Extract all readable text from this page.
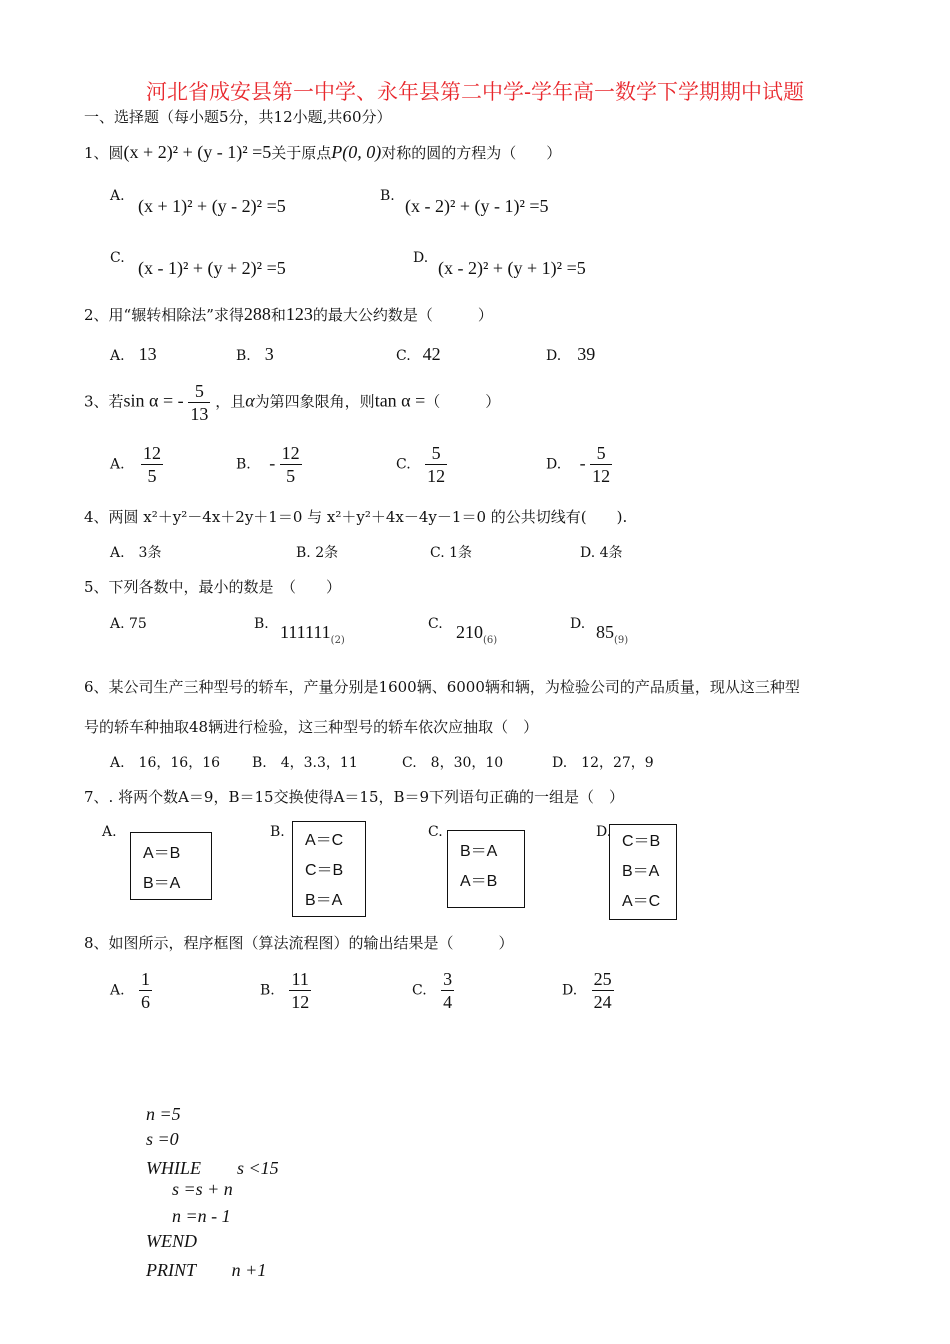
河北省成安县第一中学、永年县第二中学-学年高一数学下学期期中试题
一、选择题（每小题5分，共12小题,共60分）
1、圆(x + 2)² + (y - 1)² =5关于原点P(0, 0)对称的圆的方程为（　　）
A. (x + 1)² + (y - 2)² =5	B. (x - 2)² + (y - 1)² =5
C. (x - 1)² + (y + 2)² =5	D. (x - 2)² + (y + 1)² =5
2、用“辗转相除法”求得288和123的最大公约数是（　　　）
A. 13	B. 3	C. 42	D. 39
3、若sin α = - $\frac{5}{13}$ ，且α为第四象限角，则tan α =（　　　）
A. $\frac{12}{5}$	B. - $\frac{12}{5}$	C. $\frac{5}{12}$	D. - $\frac{5}{12}$
4、两圆 x²＋y²－4x＋2y＋1＝0 与 x²＋y²＋4x－4y－1＝0 的公共切线有(　　).
A.　3条	B. 2条	C. 1条	D. 4条
5、下列各数中，最小的数是　（　　）
A. 75	B. $111111_{(2)}$
C. $210_{(6)}$
D. $85_{(9)}$
6、某公司生产三种型号的轿车，产量分别是1600辆、6000辆和辆，为检验公司的产品质量，现从这三种型
号的轿车种抽取48辆进行检验，这三种型号的轿车依次应抽取（　）
A.　16，16，16 B.　4，3.3，11	C.　8，30，10	D.　12，27，9
7、. 将两个数A＝9，B＝15交换使得A＝15，B＝9下列语句正确的一组是（　）
A.
A＝B
B＝A
B. A＝C
C＝B
B＝A
C.
B＝A
A＝B
D.
C＝B
B＝A
A＝C
8、如图所示，程序框图（算法流程图）的输出结果是（　　　）
A. $\frac{1}{6}$	B. $\frac{11}{12}$	C. $\frac{3}{4}$	D. $\frac{25}{24}$
n =5
s =0
WHILE　　s <15
s =s + n
n =n - 1
WEND
PRINT　　n +1
